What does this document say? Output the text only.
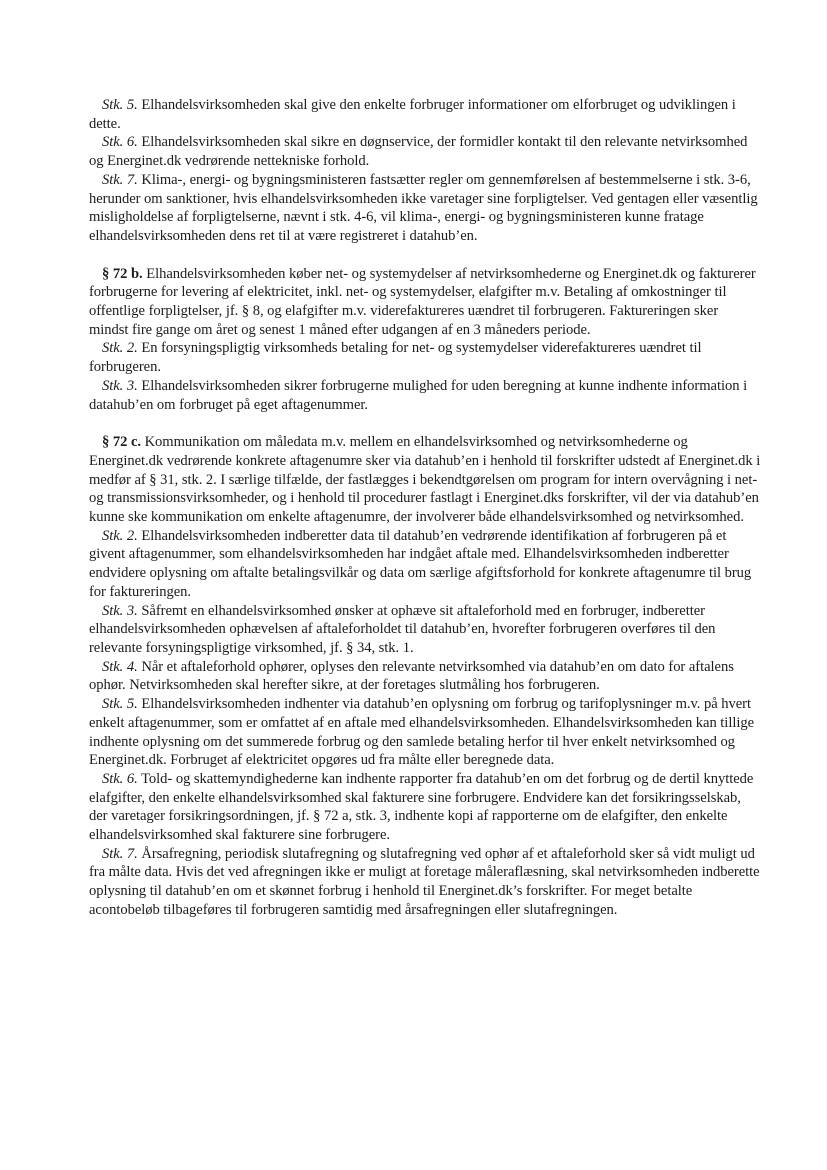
Stk. 5. Elhandelsvirksomheden skal give den enkelte forbruger informationer om elforbruget og udviklingen i dette.

Stk. 6. Elhandelsvirksomheden skal sikre en døgnservice, der formidler kontakt til den relevante netvirksomhed og Energinet.dk vedrørende nettekniske forhold.

Stk. 7. Klima-, energi- og bygningsministeren fastsætter regler om gennemførelsen af bestemmelserne i stk. 3-6, herunder om sanktioner, hvis elhandelsvirksomheden ikke varetager sine forpligtelser. Ved gentagen eller væsentlig misligholdelse af forpligtelserne, nævnt i stk. 4-6, vil klima-, energi- og bygningsministeren kunne fratage elhandelsvirksomheden dens ret til at være registreret i datahub’en.

§ 72 b. Elhandelsvirksomheden køber net- og systemydelser af netvirksomhederne og Energinet.dk og fakturerer forbrugerne for levering af elektricitet, inkl. net- og systemydelser, elafgifter m.v. Betaling af omkostninger til offentlige forpligtelser, jf. § 8, og elafgifter m.v. viderefaktureres uændret til forbrugeren. Faktureringen sker mindst fire gange om året og senest 1 måned efter udgangen af en 3 måneders periode.

Stk. 2. En forsyningspligtig virksomheds betaling for net- og systemydelser viderefaktureres uændret til forbrugeren.

Stk. 3. Elhandelsvirksomheden sikrer forbrugerne mulighed for uden beregning at kunne indhente information i datahub’en om forbruget på eget aftagenummer.

§ 72 c. Kommunikation om måledata m.v. mellem en elhandelsvirksomhed og netvirksomhederne og Energinet.dk vedrørende konkrete aftagenumre sker via datahub’en i henhold til forskrifter udstedt af Energinet.dk i medfør af § 31, stk. 2. I særlige tilfælde, der fastlægges i bekendtgørelsen om program for intern overvågning i net- og transmissionsvirksomheder, og i henhold til procedurer fastlagt i Energinet.dks forskrifter, vil der via datahub’en kunne ske kommunikation om enkelte aftagenumre, der involverer både elhandelsvirksomhed og netvirksomhed.

Stk. 2. Elhandelsvirksomheden indberetter data til datahub’en vedrørende identifikation af forbrugeren på et givent aftagenummer, som elhandelsvirksomheden har indgået aftale med. Elhandelsvirksomheden indberetter endvidere oplysning om aftalte betalingsvilkår og data om særlige afgiftsforhold for konkrete aftagenumre til brug for faktureringen.

Stk. 3. Såfremt en elhandelsvirksomhed ønsker at ophæve sit aftaleforhold med en forbruger, indberetter elhandelsvirksomheden ophævelsen af aftaleforholdet til datahub’en, hvorefter forbrugeren overføres til den relevante forsyningspligtige virksomhed, jf. § 34, stk. 1.

Stk. 4. Når et aftaleforhold ophører, oplyses den relevante netvirksomhed via datahub’en om dato for aftalens ophør. Netvirksomheden skal herefter sikre, at der foretages slutmåling hos forbrugeren.

Stk. 5. Elhandelsvirksomheden indhenter via datahub’en oplysning om forbrug og tarifoplysninger m.v. på hvert enkelt aftagenummer, som er omfattet af en aftale med elhandelsvirksomheden. Elhandelsvirksomheden kan tillige indhente oplysning om det summerede forbrug og den samlede betaling herfor til hver enkelt netvirksomhed og Energinet.dk. Forbruget af elektricitet opgøres ud fra målte eller beregnede data.

Stk. 6. Told- og skattemyndighederne kan indhente rapporter fra datahub’en om det forbrug og de dertil knyttede elafgifter, den enkelte elhandelsvirksomhed skal fakturere sine forbrugere. Endvidere kan det forsikringsselskab, der varetager forsikringsordningen, jf. § 72 a, stk. 3, indhente kopi af rapporterne om de elafgifter, den enkelte elhandelsvirksomhed skal fakturere sine forbrugere.

Stk. 7. Årsafregning, periodisk slutafregning og slutafregning ved ophør af et aftaleforhold sker så vidt muligt ud fra målte data. Hvis det ved afregningen ikke er muligt at foretage måleraflæsning, skal netvirksomheden indberette oplysning til datahub’en om et skønnet forbrug i henhold til Energinet.dk’s forskrifter. For meget betalte acontobeløb tilbageføres til forbrugeren samtidig med årsafregningen eller slutafregningen.
